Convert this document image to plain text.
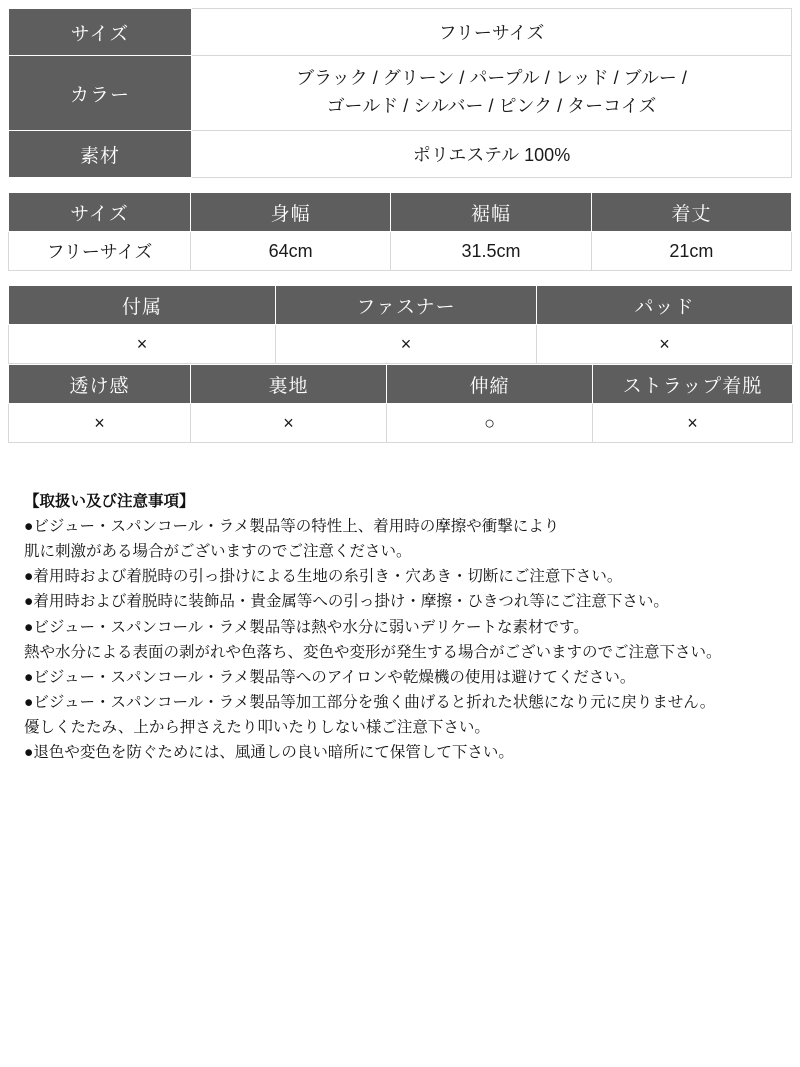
サイズ	フリーサイズ
カラー	ブラック / グリーン / パープル / レッド / ブルー /
ゴールド / シルバー / ピンク / ターコイズ
素材	ポリエステル 100%
サイズ	身幅	裾幅	着丈
フリーサイズ	64cm	31.5cm	21cm
付属	ファスナー	パッド
×	×	×
透け感	裏地	伸縮	ストラップ着脱
×	×	○	×
【取扱い及び注意事項】
●ビジュー・スパンコール・ラメ製品等の特性上、着用時の摩擦や衝撃により
肌に刺激がある場合がございますのでご注意ください。
●着用時および着脱時の引っ掛けによる生地の糸引き・穴あき・切断にご注意下さい。
●着用時および着脱時に装飾品・貴金属等への引っ掛け・摩擦・ひきつれ等にご注意下さい。
●ビジュー・スパンコール・ラメ製品等は熱や水分に弱いデリケートな素材です。
熱や水分による表面の剥がれや色落ち、変色や変形が発生する場合がございますのでご注意下さい。
●ビジュー・スパンコール・ラメ製品等へのアイロンや乾燥機の使用は避けてください。
●ビジュー・スパンコール・ラメ製品等加工部分を強く曲げると折れた状態になり元に戻りません。
優しくたたみ、上から押さえたり叩いたりしない様ご注意下さい。
●退色や変色を防ぐためには、風通しの良い暗所にて保管して下さい。
